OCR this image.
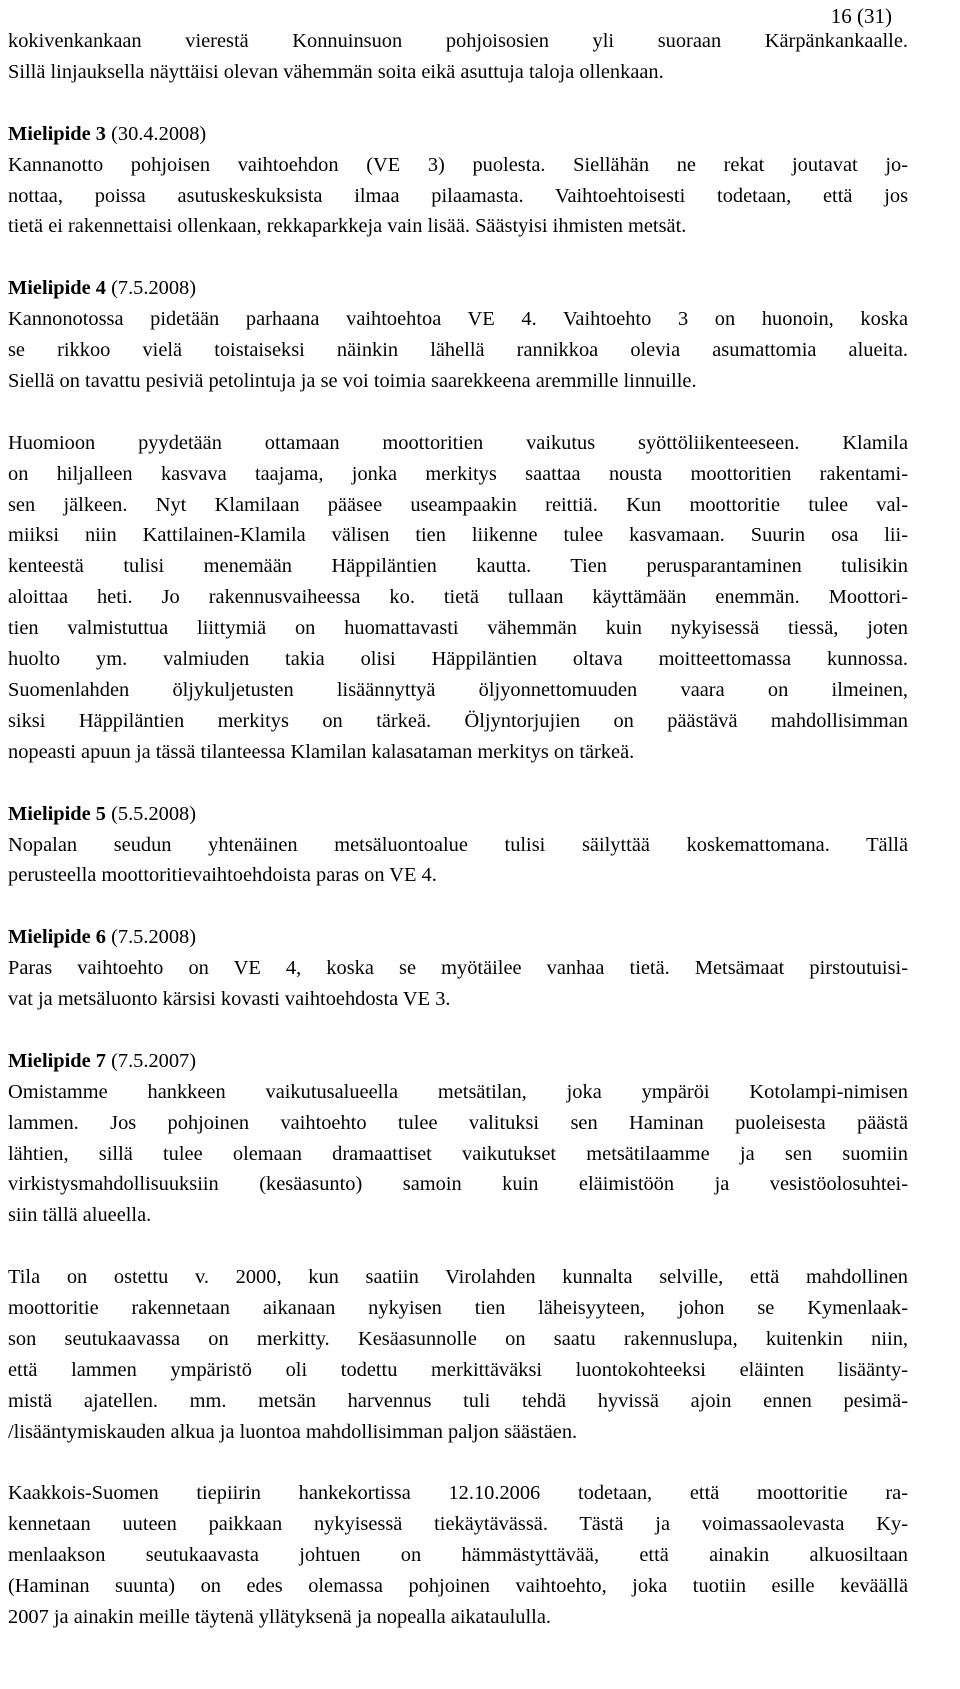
16 (31)
kokivenkankaan vierestä Konnuinsuon pohjoisosien yli suoraan Kärpänkankaalle.
Sillä linjauksella näyttäisi olevan vähemmän soita eikä asuttuja taloja ollenkaan.
Mielipide 3 (30.4.2008)
Kannanotto pohjoisen vaihtoehdon (VE 3) puolesta. Siellähän ne rekat joutavat jo-
nottaa, poissa asutuskeskuksista ilmaa pilaamasta. Vaihtoehtoisesti todetaan, että jos
tietä ei rakennettaisi ollenkaan, rekkaparkkeja vain lisää. Säästyisi ihmisten metsät.
Mielipide 4 (7.5.2008)
Kannonotossa pidetään parhaana vaihtoehtoa VE 4. Vaihtoehto 3 on huonoin, koska
se rikkoo vielä toistaiseksi näinkin lähellä rannikkoa olevia asumattomia alueita.
Siellä on tavattu pesiviä petolintuja ja se voi toimia saarekkeena aremmille linnuille.
Huomioon pyydetään ottamaan moottoritien vaikutus syöttöliikenteeseen. Klamila
on hiljalleen kasvava taajama, jonka merkitys saattaa nousta moottoritien rakentami-
sen jälkeen. Nyt Klamilaan pääsee useampaakin reittiä. Kun moottoritie tulee val-
miiksi niin Kattilainen-Klamila välisen tien liikenne tulee kasvamaan. Suurin osa lii-
kenteestä tulisi menemään Häppiläntien kautta. Tien perusparantaminen tulisikin
aloittaa heti. Jo rakennusvaiheessa ko. tietä tullaan käyttämään enemmän. Moottori-
tien valmistuttua liittymiä on huomattavasti vähemmän kuin nykyisessä tiessä, joten
huolto ym. valmiuden takia olisi Häppiläntien oltava moitteettomassa kunnossa.
Suomenlahden öljykuljetusten lisäännyttyä öljyonnettomuuden vaara on ilmeinen,
siksi Häppiläntien merkitys on tärkeä. Öljyntorjujien on päästävä mahdollisimman
nopeasti apuun ja tässä tilanteessa Klamilan kalasataman merkitys on tärkeä.
Mielipide 5 (5.5.2008)
Nopalan seudun yhtenäinen metsäluontoalue tulisi säilyttää koskemattomana. Tällä
perusteella moottoritievaihtoehdoista paras on VE 4.
Mielipide 6 (7.5.2008)
Paras vaihtoehto on VE 4, koska se myötäilee vanhaa tietä. Metsämaat pirstoutuisi-
vat ja metsäluonto kärsisi kovasti vaihtoehdosta VE 3.
Mielipide 7 (7.5.2007)
Omistamme hankkeen vaikutusalueella metsätilan, joka ympäröi Kotolampi-nimisen
lammen. Jos pohjoinen vaihtoehto tulee valituksi sen Haminan puoleisesta päästä
lähtien, sillä tulee olemaan dramaattiset vaikutukset metsätilaamme ja sen suomiin
virkistysmahdollisuuksiin (kesäasunto) samoin kuin eläimistöön ja vesistöolosuhtei-
siin tällä alueella.
Tila on ostettu v. 2000, kun saatiin Virolahden kunnalta selville, että mahdollinen
moottoritie rakennetaan aikanaan nykyisen tien läheisyyteen, johon se Kymenlaak-
son seutukaavassa on merkitty. Kesäasunnolle on saatu rakennuslupa, kuitenkin niin,
että lammen ympäristö oli todettu merkittäväksi luontokohteeksi eläinten lisäänty-
mistä ajatellen. mm. metsän harvennus tuli tehdä hyvissä ajoin ennen pesimä-
/lisääntymiskauden alkua ja luontoa mahdollisimman paljon säästäen.
Kaakkois-Suomen tiepiirin hankekortissa 12.10.2006 todetaan, että moottoritie ra-
kennetaan uuteen paikkaan nykyisessä tiekäytävässä. Tästä ja voimassaolevasta Ky-
menlaakson seutukaavasta johtuen on hämmästyttävää, että ainakin alkuosiltaan
(Haminan suunta) on edes olemassa pohjoinen vaihtoehto, joka tuotiin esille keväällä
2007 ja ainakin meille täytenä yllätyksenä ja nopealla aikataululla.
